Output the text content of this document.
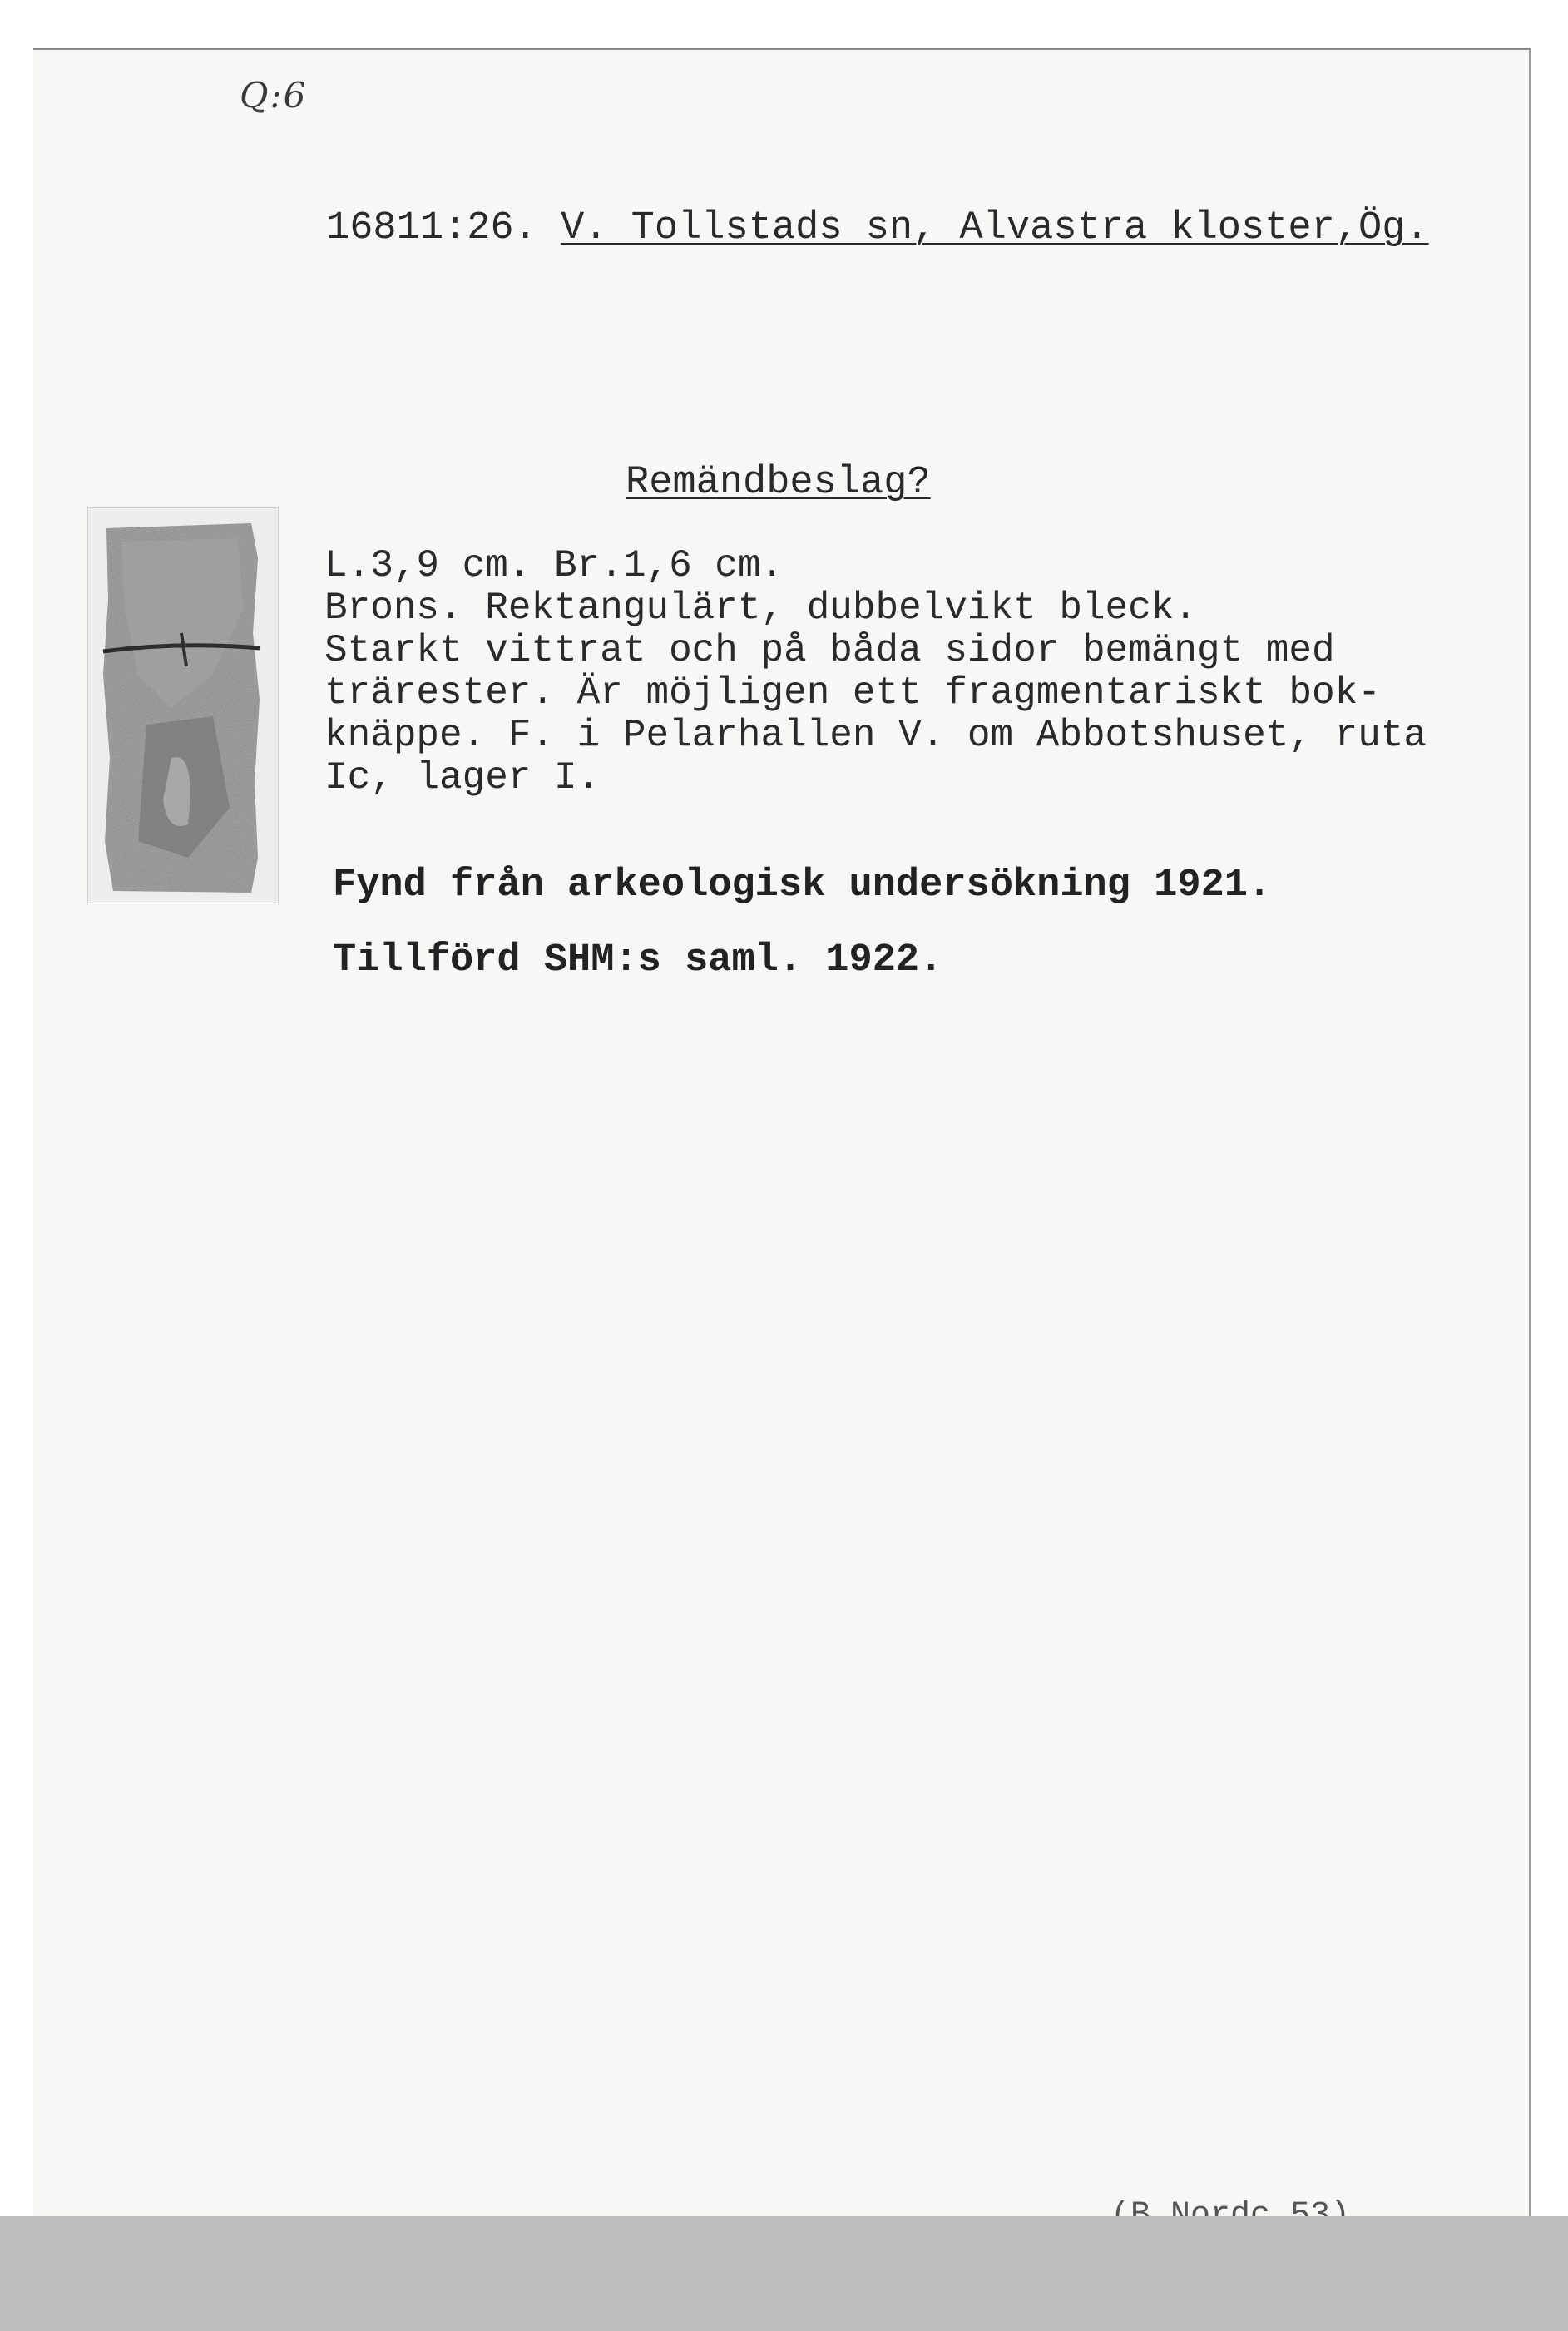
Q:6
16811:26. V. Tollstads sn, Alvastra kloster,Ög.
Remändbeslag?
L.3,9 cm. Br.1,6 cm.
Brons. Rektangulärt, dubbelvikt bleck.
Starkt vittrat och på båda sidor bemängt med
trärester. Är möjligen ett fragmentariskt bok-
knäppe. F. i Pelarhallen V. om Abbotshuset, ruta
Ic, lager I.
Fynd från arkeologisk undersökning 1921.
Tillförd SHM:s saml. 1922.
